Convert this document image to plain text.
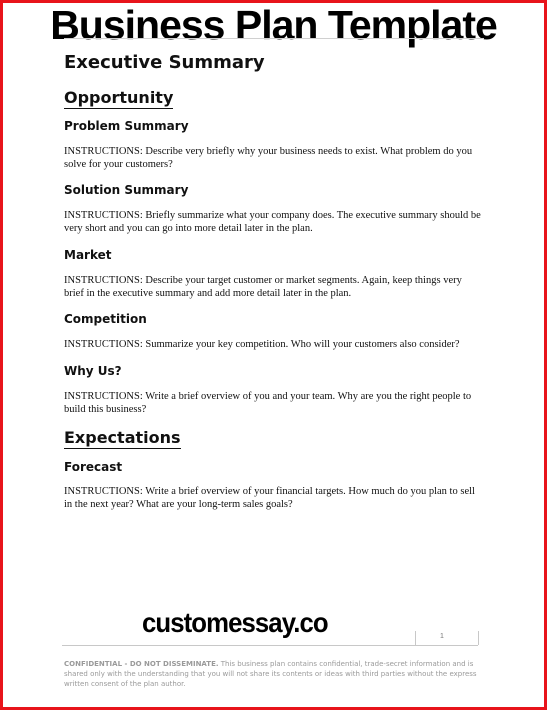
Business Plan Template
Executive Summary
Opportunity
Problem Summary

INSTRUCTIONS: Describe very briefly why your business needs to exist. What problem do you solve for your customers?

Solution Summary

INSTRUCTIONS: Briefly summarize what your company does. The executive summary should be very short and you can go into more detail later in the plan.

Market

INSTRUCTIONS: Describe your target customer or market segments. Again, keep things very brief in the executive summary and add more detail later in the plan.

Competition

INSTRUCTIONS: Summarize your key competition. Who will your customers also consider?

Why Us?

INSTRUCTIONS: Write a brief overview of you and your team. Why are you the right people to build this business?

Expectations
Forecast

INSTRUCTIONS: Write a brief overview of your financial targets. How much do you plan to sell in the next year? What are your long-term sales goals?

customessay.co	1
CONFIDENTIAL - DO NOT DISSEMINATE. This business plan contains confidential, trade-secret information and is shared only with the understanding that you will not share its contents or ideas with third parties without the express written consent of the plan author.
